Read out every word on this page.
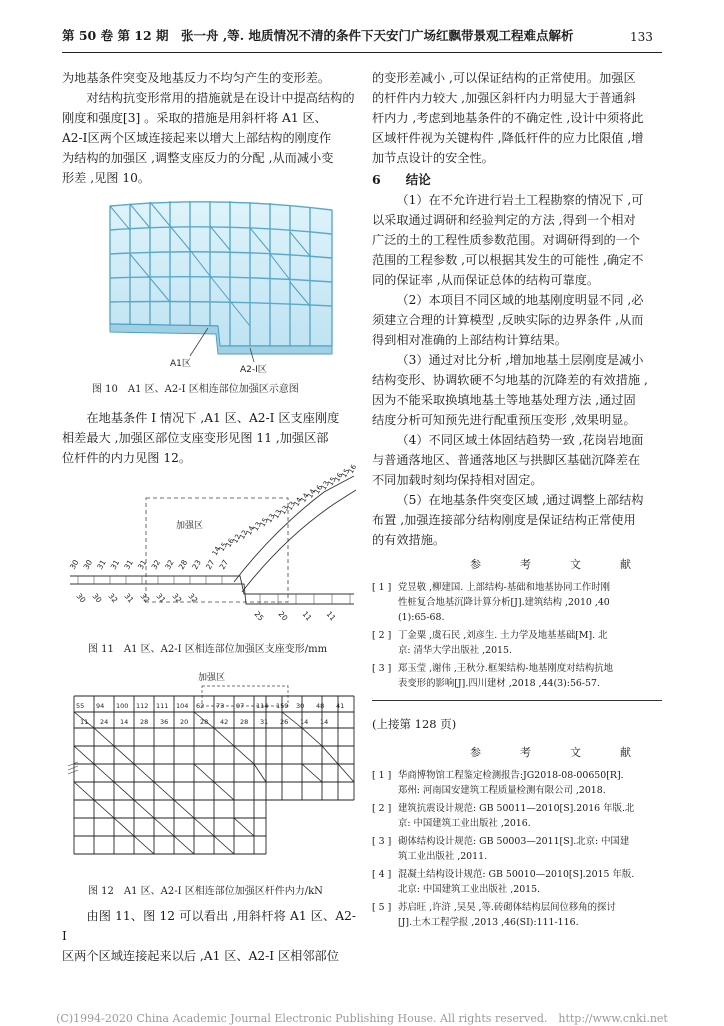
第 50 卷 第 12 期　张一舟 ,等. 地质情况不清的条件下天安门广场红飘带景观工程难点解析	133

为地基条件突变及地基反力不均匀产生的变形差。

对结构抗变形常用的措施就是在设计中提高结构的

刚度和强度[3] 。采取的措施是用斜杆将 A1 区、

A2-I区两个区域连接起来以增大上部结构的刚度作

为结构的加强区 ,调整支座反力的分配 ,从而减小变

形差 ,见图 10。

A1区
A2-I区
图 10　A1 区、A2-I 区相连部位加强区示意图

在地基条件 I 情况下 ,A1 区、A2-I 区支座刚度

相差最大 ,加强区部位支座变形见图 11 ,加强区部

位杆件的内力见图 12。

加强区
30 30 31 31 31 31 32 32 28 23 27 27
30 30 32 31 32 31 32 32
25 20 11 11
14
15
16
12
12
14
13
15
13
13
13
13
14
14
14
16
13
15
16
15
16
图 11　A1 区、A2-I 区相连部位加强区支座变形/mm
加强区
55 94 100 112 111 104 62 73 97 114 159 30 48 41
11 24 14 28 36 20 28 42 28 31 26 14 14
图 12　A1 区、A2-I 区相连部位加强区杆件内力/kN

由图 11、图 12 可以看出 ,用斜杆将 A1 区、A2-I

区两个区域连接起来以后 ,A1 区、A2-I 区相邻部位

的变形差减小 ,可以保证结构的正常使用。加强区

的杆件内力较大 ,加强区斜杆内力明显大于普通斜

杆内力 ,考虑到地基条件的不确定性 ,设计中须将此

区域杆件视为关键构件 ,降低杆件的应力比限值 ,增

加节点设计的安全性。

6　　结论

（1）在不允许进行岩土工程勘察的情况下 ,可

以采取通过调研和经验判定的方法 ,得到一个相对

广泛的土的工程性质参数范围。对调研得到的一个

范围的工程参数 ,可以根据其发生的可能性 ,确定不

同的保证率 ,从而保证总体的结构可靠度。

（2）本项目不同区域的地基刚度明显不同 ,必

须建立合理的计算模型 ,反映实际的边界条件 ,从而

得到相对准确的上部结构计算结果。

（3）通过对比分析 ,增加地基土层刚度是减小

结构变形、协调软硬不匀地基的沉降差的有效措施 ,

因为不能采取换填地基土等地基处理方法 ,通过固

结度分析可知预先进行配重预压变形 ,效果明显。

（4）不同区域土体固结趋势一致 ,花岗岩地面

与普通落地区、普通落地区与拱脚区基础沉降差在

不同加载时刻均保持相对固定。

（5）在地基条件突变区域 ,通过调整上部结构

布置 ,加强连接部分结构刚度是保证结构正常使用

的有效措施。

参　考　文　献
[ 1 ] 党昱敬 ,柳建国. 上部结构-基础和地基协同工作时刚
性桩复合地基沉降计算分析[J].建筑结构 ,2010 ,40
(1):65-68.
[ 2 ] 丁金粟 ,虞石民 ,刘彦生. 土力学及地基基础[M]. 北
京: 清华大学出版社 ,2015.
[ 3 ] 郑玉莹 ,谢伟 ,王秋分.框架结构-地基刚度对结构抗地
表变形的影响[J].四川建材 ,2018 ,44(3):56-57.
(上接第 128 页)
参　考　文　献
[ 1 ] 华商博物馆工程鉴定检测报告:JG2018-08-00650[R].
郑州: 河南国安建筑工程质量检测有限公司 ,2018.
[ 2 ] 建筑抗震设计规范: GB 50011—2010[S].2016 年版.北
京: 中国建筑工业出版社 ,2016.
[ 3 ] 砌体结构设计规范: GB 50003—2011[S].北京: 中国建
筑工业出版社 ,2011.
[ 4 ] 混凝土结构设计规范: GB 50010—2010[S].2015 年版.
北京: 中国建筑工业出版社 ,2015.
[ 5 ] 苏启旺 ,许浒 ,吴昊 ,等.砖砌体结构层间位移角的探讨
[J].土木工程学报 ,2013 ,46(SI):111-116.
(C)1994-2020 China Academic Journal Electronic Publishing House. All rights reserved.　http://www.cnki.net
